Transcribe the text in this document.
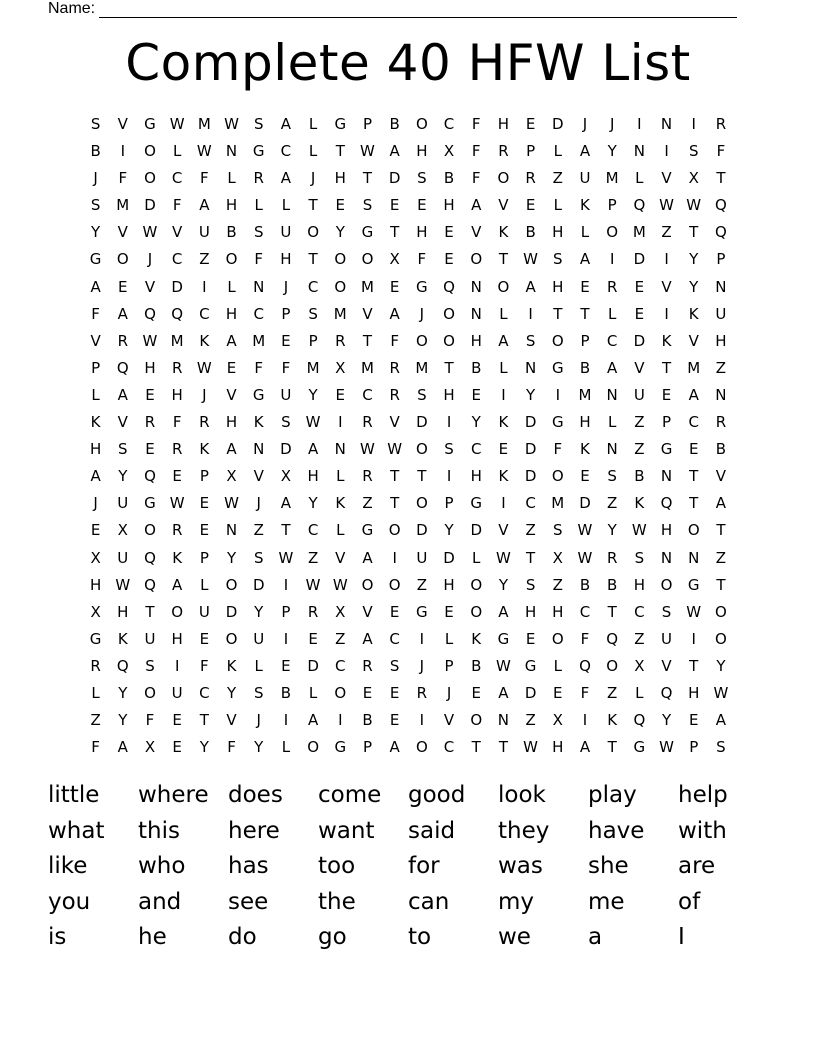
Name:
Complete 40 HFW List
S	V	G W M W	S	A	L	G	P	B	O	C	F	H	E	D	J	J	I	N	I	R
B	I	O	L	W N	G	C	L	T	W A	H	X	F	R	P	L	A	Y	N	I	S	F
J	F	O	C	F	L	R	A	J	H	T	D	S	B	F	O	R	Z	U	M	L	V	X	T
S	M D	F	A	H	L	L	T	E	S	E	E	H	A	V	E	L	K	P	Q W W Q
Y	V W V	U	B	S	U	O	Y	G	T	H	E	V	K	B	H	L	O M	Z	T	Q
G	O	J	C	Z	O	F	H	T	O	O	X	F	E	O	T	W	S	A	I	D	I	Y	P
A	E	V	D	I	L	N	J	C	O M	E	G	Q	N	O	A	H	E	R	E	V	Y	N
F	A	Q	Q	C	H	C	P	S	M	V	A	J	O	N	L	I	T	T	L	E	I	K	U
V	R W M	K	A	M	E	P	R	T	F	O	O	H	A	S	O	P	C	D	K	V	H
P	Q	H	R W	E	F	F	M	X	M	R	M	T	B	L	N	G	B	A	V	T	M	Z
L	A	E	H	J	V	G	U	Y	E	C	R	S	H	E	I	Y	I	M	N	U	E	A	N
K	V	R	F	R	H	K	S	W	I	R	V	D	I	Y	K	D	G	H	L	Z	P	C	R
H	S	E	R	K	A	N	D	A	N W W O	S	C	E	D	F	K	N	Z	G	E	B
A	Y	Q	E	P	X	V	X	H	L	R	T	T	I	H	K	D	O	E	S	B	N	T	V
J	U	G W	E	W	J	A	Y	K	Z	T	O	P	G	I	C	M D	Z	K	Q	T	A
E	X	O	R	E	N	Z	T	C	L	G	O	D	Y	D	V	Z	S	W	Y	W H	O	T
X	U	Q	K	P	Y	S	W Z	V	A	I	U	D	L	W	T	X W R	S	N	N	Z
H W Q	A	L	O	D	I	W W O	O	Z	H	O	Y	S	Z	B	B	H	O	G	T
X	H	T	O	U	D	Y	P	R	X	V	E	G	E	O	A	H	H	C	T	C	S	W O
G	K	U	H	E	O	U	I	E	Z	A	C	I	L	K	G	E	O	F	Q	Z	U	I	O
R	Q	S	I	F	K	L	E	D	C	R	S	J	P	B W G	L	Q	O	X	V	T	Y
L	Y	O	U	C	Y	S	B	L	O	E	E	R	J	E	A	D	E	F	Z	L	Q	H W
Z	Y	F	E	T	V	J	I	A	I	B	E	I	V	O	N	Z	X	I	K	Q	Y	E	A
F	A	X	E	Y	F	Y	L	O	G	P	A	O	C	T	T	W H	A	T	G W	P	S
little	where does	come	good	look	play	help
what	this	here	want	said	they	have	with
like	who	has	too	for	was	she	are
you	and	see	the	can	my	me	of
is	he	do	go	to	we	a	I
